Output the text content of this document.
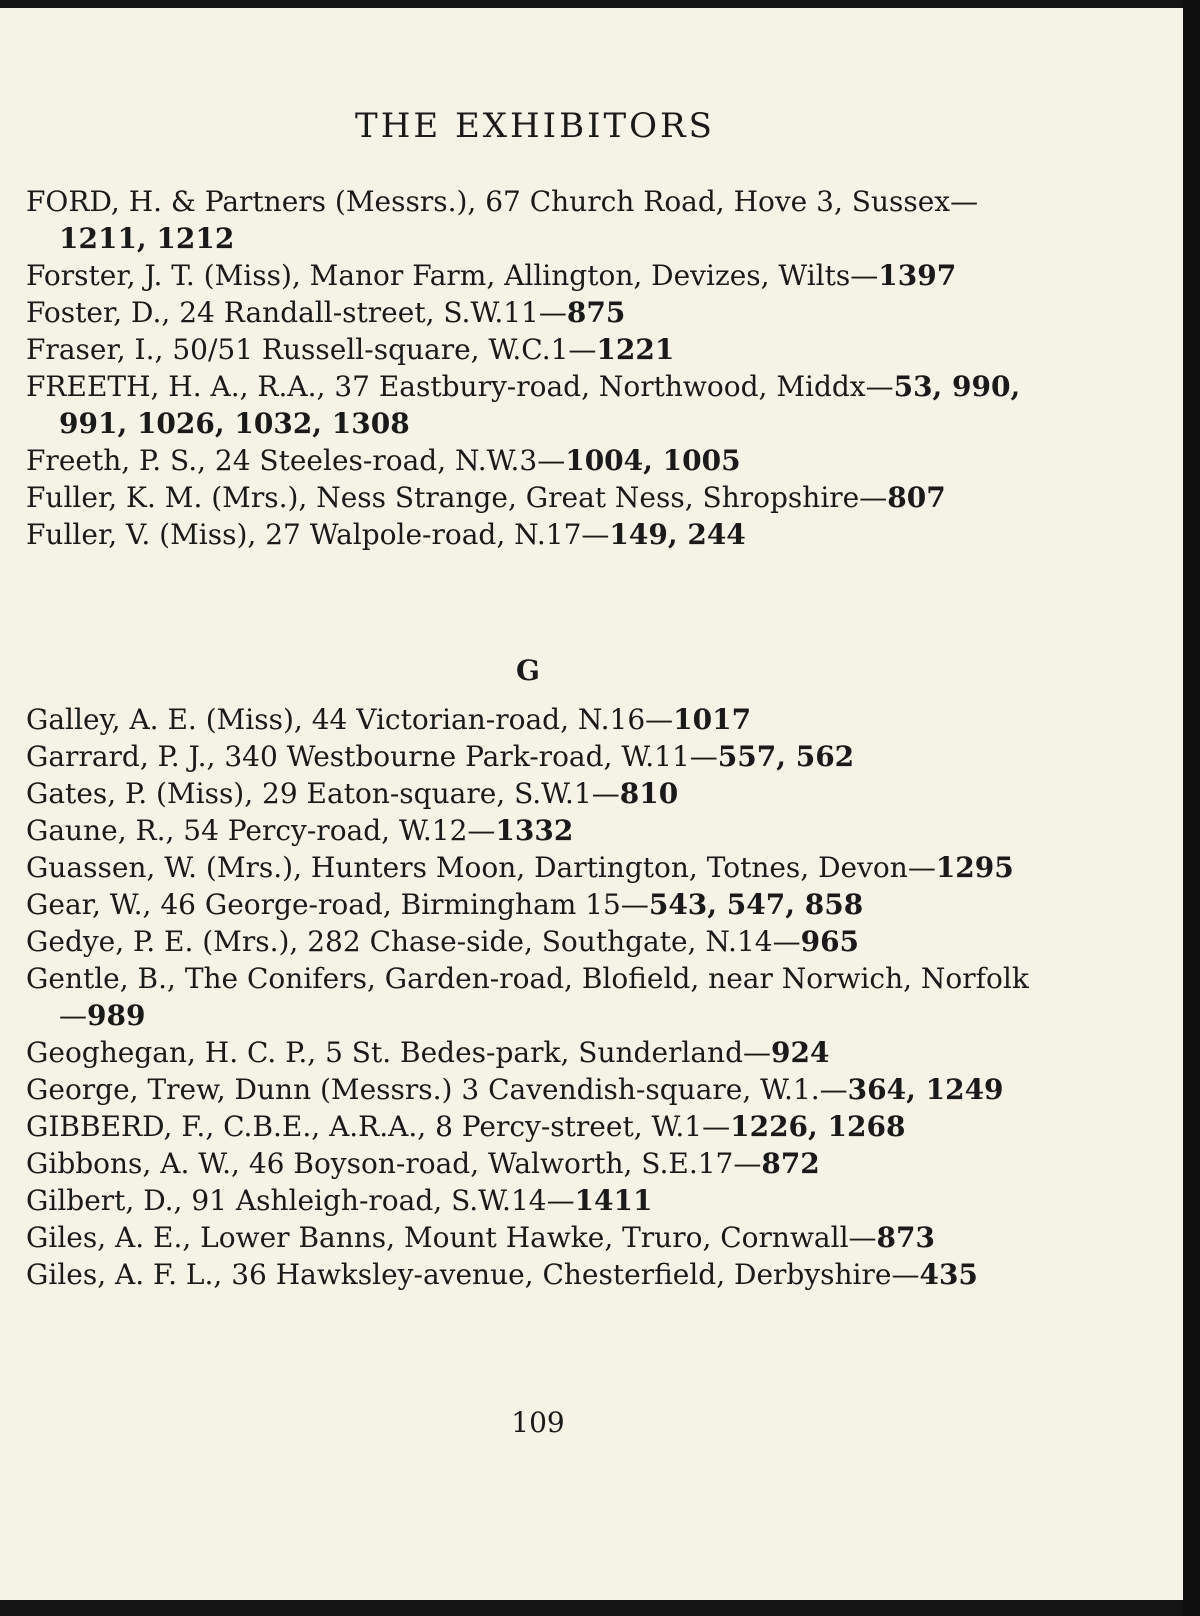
THE EXHIBITORS
FORD, H. & Partners (Messrs.), 67 Church Road, Hove 3, Sussex—1211, 1212
Forster, J. T. (Miss), Manor Farm, Allington, Devizes, Wilts—1397
Foster, D., 24 Randall-street, S.W.11—875
Fraser, I., 50/51 Russell-square, W.C.1—1221
FREETH, H. A., R.A., 37 Eastbury-road, Northwood, Middx—53, 990, 991, 1026, 1032, 1308
Freeth, P. S., 24 Steeles-road, N.W.3—1004, 1005
Fuller, K. M. (Mrs.), Ness Strange, Great Ness, Shropshire—807
Fuller, V. (Miss), 27 Walpole-road, N.17—149, 244
G
Galley, A. E. (Miss), 44 Victorian-road, N.16—1017
Garrard, P. J., 340 Westbourne Park-road, W.11—557, 562
Gates, P. (Miss), 29 Eaton-square, S.W.1—810
Gaune, R., 54 Percy-road, W.12—1332
Guassen, W. (Mrs.), Hunters Moon, Dartington, Totnes, Devon—1295
Gear, W., 46 George-road, Birmingham 15—543, 547, 858
Gedye, P. E. (Mrs.), 282 Chase-side, Southgate, N.14—965
Gentle, B., The Conifers, Garden-road, Blofield, near Norwich, Norfolk—989
Geoghegan, H. C. P., 5 St. Bedes-park, Sunderland—924
George, Trew, Dunn (Messrs.) 3 Cavendish-square, W.1.—364, 1249
GIBBERD, F., C.B.E., A.R.A., 8 Percy-street, W.1—1226, 1268
Gibbons, A. W., 46 Boyson-road, Walworth, S.E.17—872
Gilbert, D., 91 Ashleigh-road, S.W.14—1411
Giles, A. E., Lower Banns, Mount Hawke, Truro, Cornwall—873
Giles, A. F. L., 36 Hawksley-avenue, Chesterfield, Derbyshire—435
109
